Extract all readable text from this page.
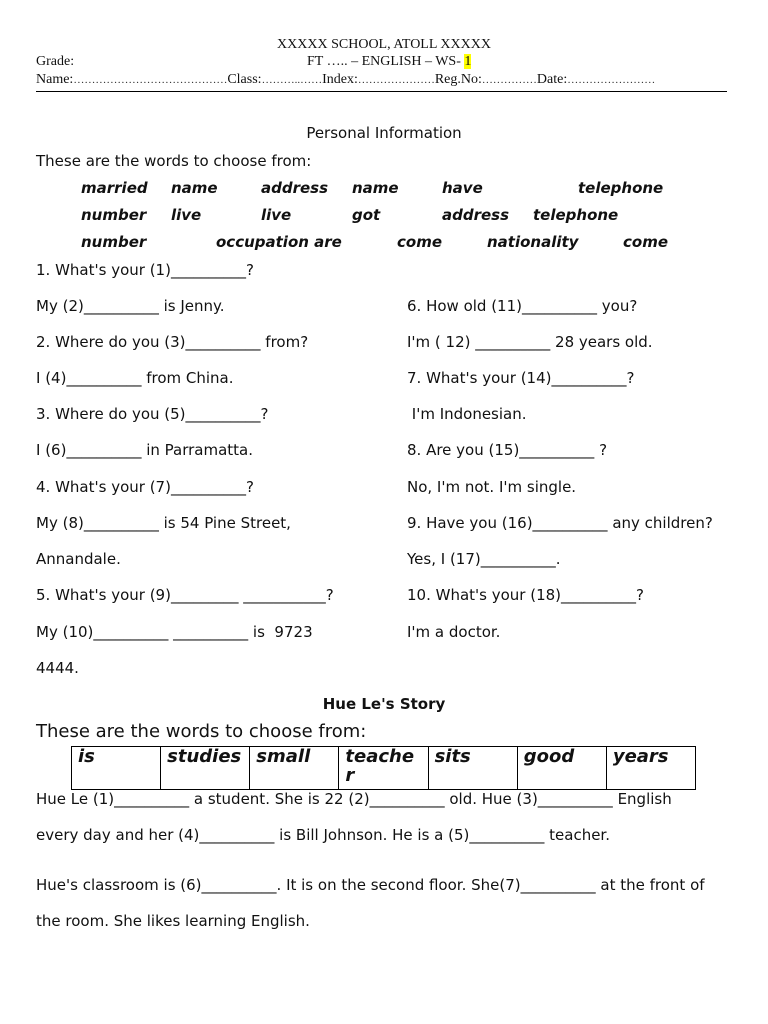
XXXXX SCHOOL, ATOLL XXXXX
Grade:	FT ….. – ENGLISH – WS- 1
Name:……………………………………Class:………..……Index:…………………Reg.No:……………Date:……………………
Personal Information
These are the words to choose from:
married name	address name	have	telephone
number live	live	got	address telephone
number	occupation are	come	nationality	come
1. What's your (1)__________?
My (2)__________ is Jenny.
2. Where do you (3)__________ from?
I (4)__________ from China.
3. Where do you (5)__________?
I (6)__________ in Parramatta.
4. What's your (7)__________?
My (8)__________ is 54 Pine Street,
Annandale.
5. What's your (9)_________ ___________?
My (10)__________ __________ is  9723
4444.
6. How old (11)__________ you?
I'm ( 12) __________ 28 years old.
7. What's your (14)__________?
I'm Indonesian.
8. Are you (15)__________ ?
No, I'm not. I'm single.
9. Have you (16)__________ any children?
Yes, I (17)__________.
10. What's your (18)__________?
I'm a doctor.
Hue Le's Story
These are the words to choose from:
is	studies	small	teache r	sits	good	years
Hue Le (1)__________ a student. She is 22 (2)__________ old. Hue (3)__________ English
every day and her (4)__________ is Bill Johnson. He is a (5)__________ teacher.
Hue's classroom is (6)__________. It is on the second floor. She(7)__________ at the front of
the room. She likes learning English.
